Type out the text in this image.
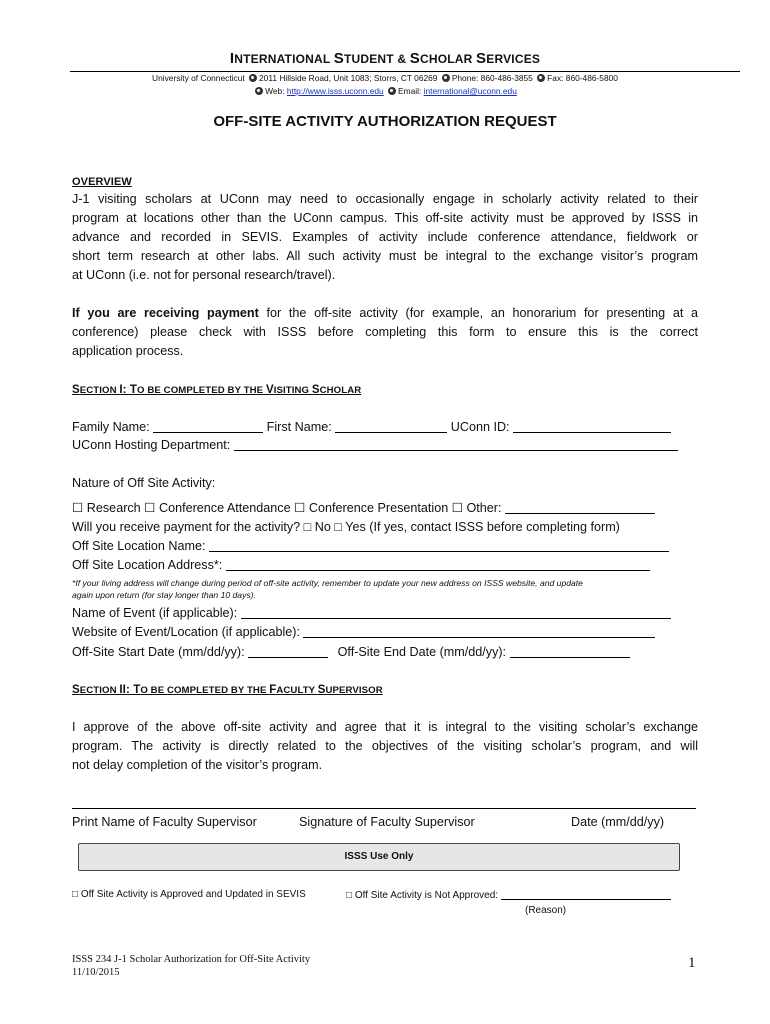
INTERNATIONAL STUDENT & SCHOLAR SERVICES
University of Connecticut 2011 Hillside Road, Unit 1083; Storrs, CT 06269 Phone: 860-486-3855 Fax: 860-486-5800
Web: http://www.isss.uconn.edu Email: international@uconn.edu
OFF-SITE ACTIVITY AUTHORIZATION REQUEST
OVERVIEW
J-1 visiting scholars at UConn may need to occasionally engage in scholarly activity related to their
program at locations other than the UConn campus. This off-site activity must be approved by ISSS in
advance and recorded in SEVIS. Examples of activity include conference attendance, fieldwork or
short term research at other labs. All such activity must be integral to the exchange visitor’s program
at UConn (i.e. not for personal research/travel).
If you are receiving payment for the off-site activity (for example, an honorarium for presenting at a
conference) please check with ISSS before completing this form to ensure this is the correct
application process.
SECTION I: TO BE COMPLETED BY THE VISITING SCHOLAR
Family Name:	First Name:	UConn ID:
UConn Hosting Department:
Nature of Off Site Activity:
☐ Research ☐ Conference Attendance ☐ Conference Presentation ☐ Other:
Will you receive payment for the activity? □ No □ Yes (If yes, contact ISSS before completing form)
Off Site Location Name:
Off Site Location Address*:
*If your living address will change during period of off-site activity, remember to update your new address on ISSS website, and update
again upon return (for stay longer than 10 days).
Name of Event (if applicable):
Website of Event/Location (if applicable):
Off-Site Start Date (mm/dd/yy):	Off-Site End Date (mm/dd/yy):
SECTION II: TO BE COMPLETED BY THE FACULTY SUPERVISOR
I approve of the above off-site activity and agree that it is integral to the visiting scholar’s exchange
program. The activity is directly related to the objectives of the visiting scholar’s program, and will
not delay completion of the visitor’s program.
Print Name of Faculty Supervisor	Signature of Faculty Supervisor	Date (mm/dd/yy)
ISSS Use Only
□ Off Site Activity is Approved and Updated in SEVIS	□ Off Site Activity is Not Approved:
(Reason)
ISSS 234 J-1 Scholar Authorization for Off-Site Activity
11/10/2015
1
